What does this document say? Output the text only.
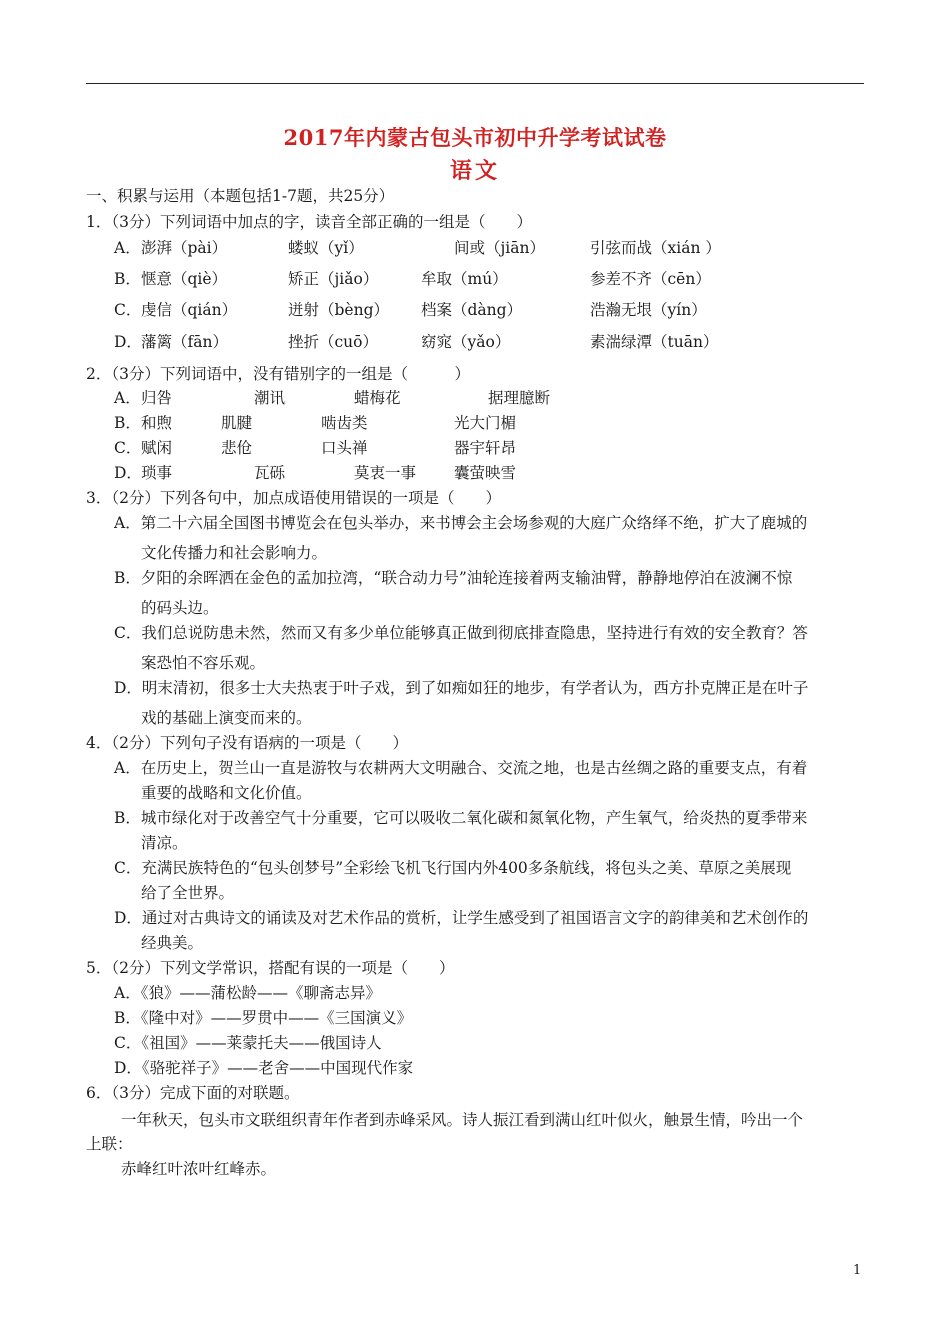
2017年内蒙古包头市初中升学考试试卷
语文
一、积累与运用（本题包括1-7题，共25分）
1．（3分）下列词语中加点的字，读音全部正确的一组是（　　）
A． 澎湃（pài）	蝼蚁（yǐ）	间或（jiān）	引弦而战（xián ）
B． 惬意（qiè）	矫正（jiǎo）	牟取（mú）	参差不齐（cēn）
C． 虔信（qián）	迸射（bèng） 档案（dàng）	浩瀚无垠（yín）
D． 藩篱（fān）	挫折（cuō）	窈窕（yǎo）	素湍绿潭（tuān）
2．（3分）下列词语中，没有错别字的一组是（　　　）
A． 归咎	潮讯	蜡梅花	据理臆断
B． 和煦	肌腱	啮齿类	光大门楣
C． 赋闲	悲伧	口头禅	器宇轩昂
D． 琐事	瓦砾	莫衷一事 囊萤映雪
3．（2分）下列各句中，加点成语使用错误的一项是（　　）
A．第二十六届全国图书博览会在包头举办，来书博会主会场参观的大庭广众络绎不绝，扩大了鹿城的
文化传播力和社会影响力。
B．夕阳的余晖洒在金色的孟加拉湾，“联合动力号”油轮连接着两支输油臂，静静地停泊在波澜不惊
的码头边。
C．我们总说防患未然，然而又有多少单位能够真正做到彻底排查隐患，坚持进行有效的安全教育？答
案恐怕不容乐观。
D．明末清初，很多士大夫热衷于叶子戏，到了如痴如狂的地步，有学者认为，西方扑克牌正是在叶子
戏的基础上演变而来的。
4．（2分）下列句子没有语病的一项是（　　）
A．在历史上，贺兰山一直是游牧与农耕两大文明融合、交流之地，也是古丝绸之路的重要支点，有着
重要的战略和文化价值。
B．城市绿化对于改善空气十分重要，它可以吸收二氧化碳和氮氧化物，产生氧气，给炎热的夏季带来
清凉。
C．充满民族特色的“包头创梦号”全彩绘飞机飞行国内外400多条航线，将包头之美、草原之美展现
给了全世界。
D．通过对古典诗文的诵读及对艺术作品的赏析，让学生感受到了祖国语言文字的韵律美和艺术创作的
经典美。
5．（2分）下列文学常识，搭配有误的一项是（　　）
A．《狼》——蒲松龄——《聊斋志异》
B．《隆中对》——罗贯中——《三国演义》
C．《祖国》——莱蒙托夫——俄国诗人
D．《骆驼祥子》——老舍——中国现代作家
6．（3分）完成下面的对联题。
一年秋天，包头市文联组织青年作者到赤峰采风。诗人振江看到满山红叶似火，触景生情，吟出一个
上联：
赤峰红叶浓叶红峰赤。
1
